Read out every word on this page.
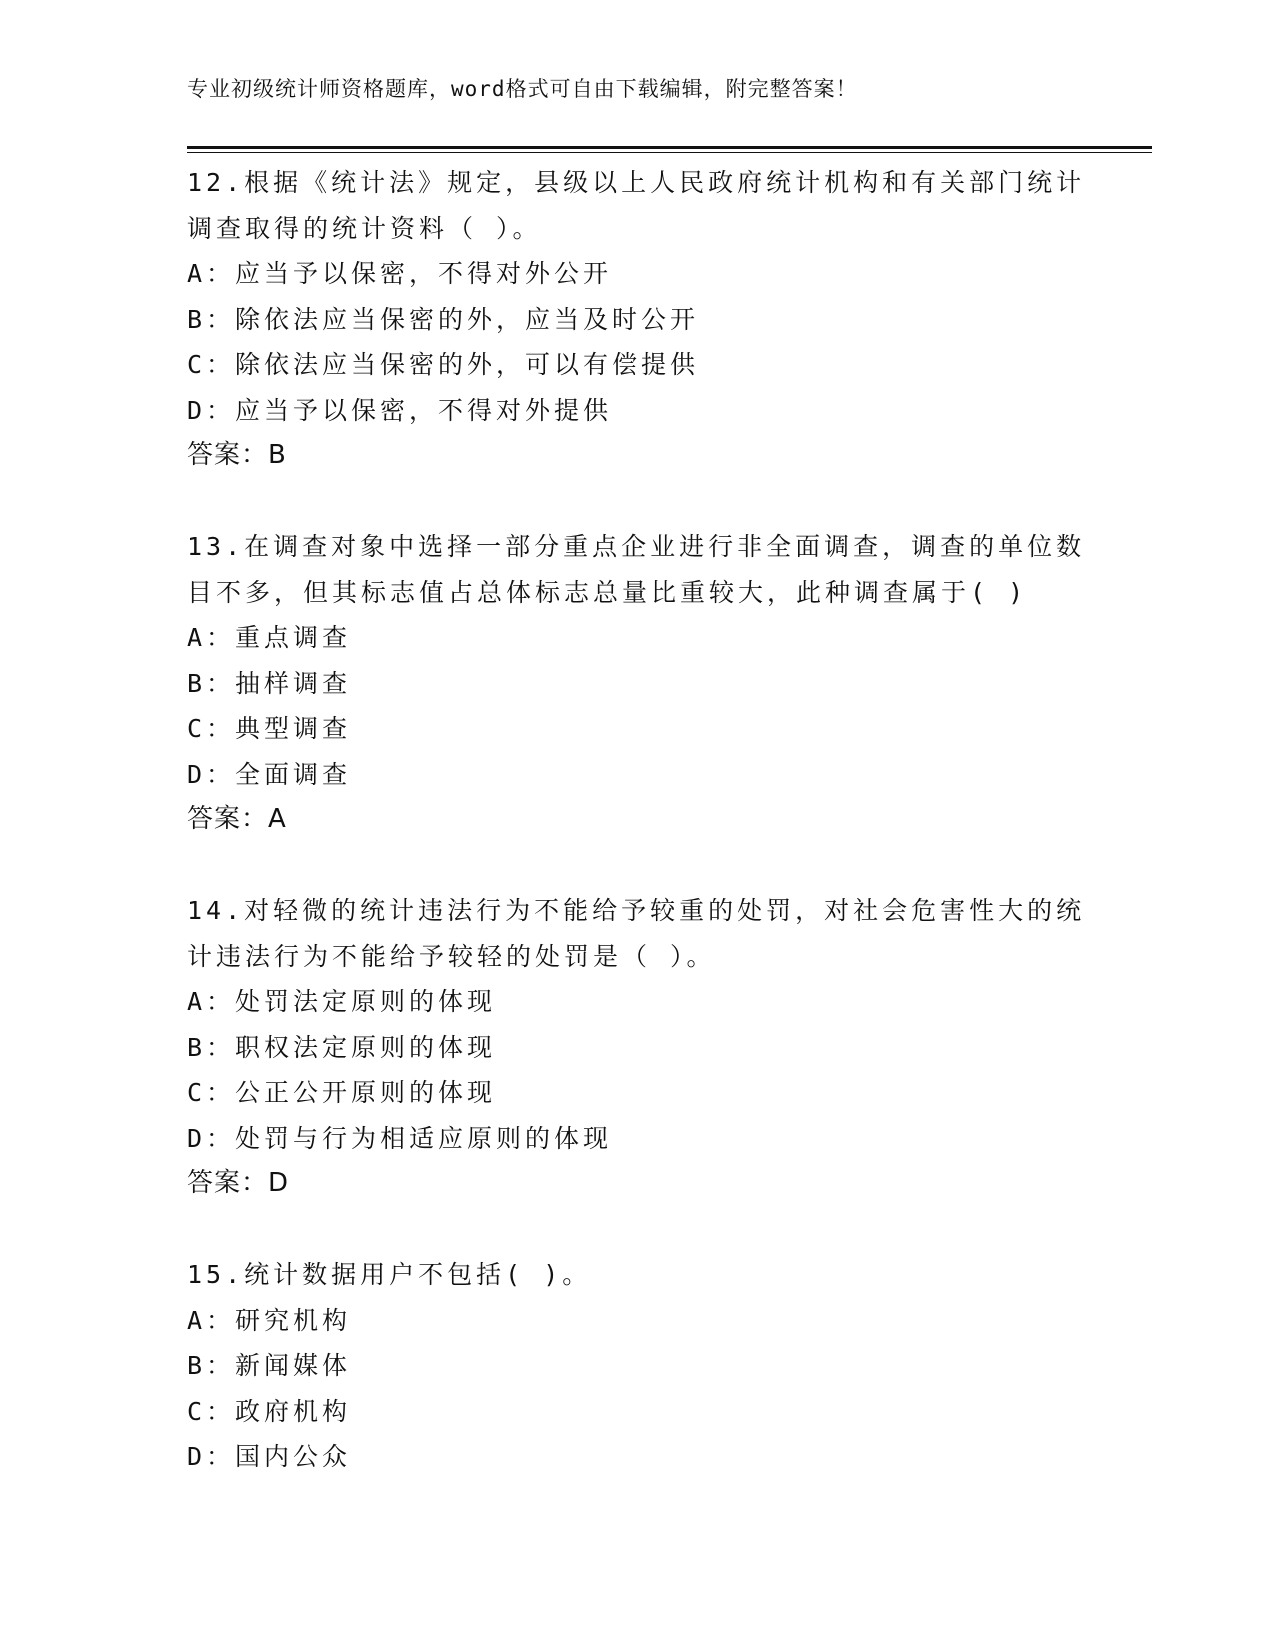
专业初级统计师资格题库，word格式可自由下载编辑，附完整答案！
12.根据《统计法》规定，县级以上人民政府统计机构和有关部门统计
调查取得的统计资料（ ）。
A：应当予以保密，不得对外公开
B：除依法应当保密的外，应当及时公开
C：除依法应当保密的外，可以有偿提供
D：应当予以保密，不得对外提供
答案：B
13.在调查对象中选择一部分重点企业进行非全面调查，调查的单位数
目不多，但其标志值占总体标志总量比重较大，此种调查属于( )
A：重点调查
B：抽样调查
C：典型调查
D：全面调查
答案：A
14.对轻微的统计违法行为不能给予较重的处罚，对社会危害性大的统
计违法行为不能给予较轻的处罚是（ ）。
A：处罚法定原则的体现
B：职权法定原则的体现
C：公正公开原则的体现
D：处罚与行为相适应原则的体现
答案：D
15.统计数据用户不包括( )。
A：研究机构
B：新闻媒体
C：政府机构
D：国内公众
